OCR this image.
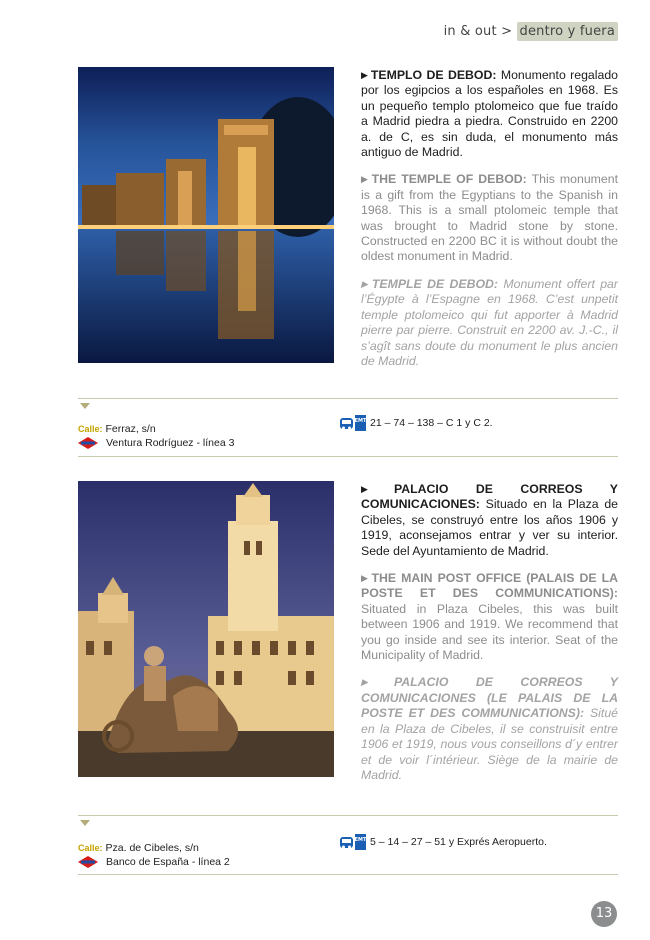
in & out > dentro y fuera

▶ TEMPLO DE DEBOD: Monumento regalado por los egipcios a los españoles en 1968. Es un pequeño templo ptolomeico que fue traído a Madrid piedra a piedra. Construido en 2200 a. de C, es sin duda, el monumento más antiguo de Madrid.

▶ THE TEMPLE OF DEBOD: This monument is a gift from the Egyptians to the Spanish in 1968. This is a small ptolomeic temple that was brought to Madrid stone by stone. Constructed en 2200 BC it is without doubt the oldest monument in Madrid.

▶ TEMPLE DE DEBOD: Monument offert par l’Égypte à l’Espagne en 1968. C’est unpetit temple ptolomeico qui fut apporter à Madrid pierre par pierre. Construit en 2200 av. J.-C., il s’agît sans doute du monument le plus ancien de Madrid.

Calle: Ferraz, s/n
Ventura Rodríguez - línea 3
EMT 21 – 74 – 138 – C 1 y C 2.

▶ PALACIO DE CORREOS Y COMUNICACIONES: Situado en la Plaza de Cibeles, se construyó entre los años 1906 y 1919, aconsejamos entrar y ver su interior. Sede del Ayuntamiento de Madrid.

▶ THE MAIN POST OFFICE (PALAIS DE LA POSTE ET DES COMMUNICATIONS): Situated in Plaza Cibeles, this was built between 1906 and 1919. We recommend that you go inside and see its interior. Seat of the Municipality of Madrid.

▶ PALACIO DE CORREOS Y COMUNICACIONES (LE PALAIS DE LA POSTE ET DES COMMUNICATIONS): Situé en la Plaza de Cibeles, il se construisit entre 1906 et 1919, nous vous conseillons d´y entrer et de voir l´intérieur. Siège de la mairie de Madrid.

Calle: Pza. de Cibeles, s/n
Banco de España - línea 2
EMT 5 – 14 – 27 – 51 y Exprés Aeropuerto.
13
